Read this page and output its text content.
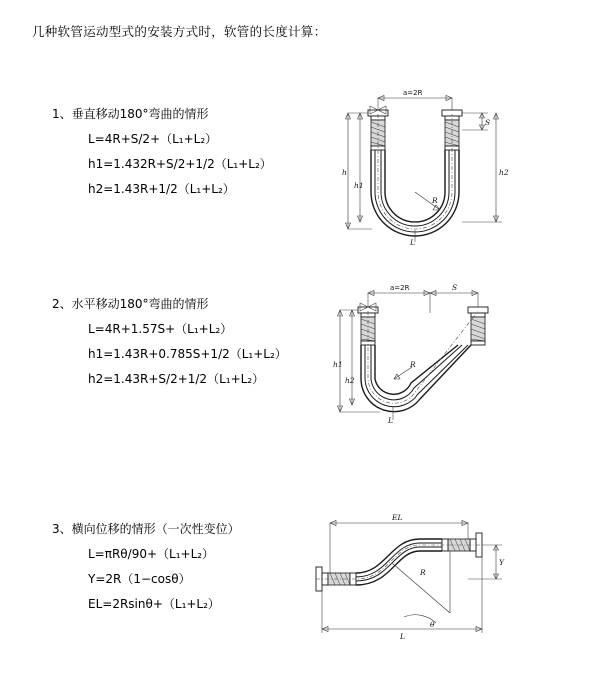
几种软管运动型式的安装方式时，软管的长度计算：
1、垂直移动180°弯曲的情形
L=4R+S/2+（L₁+L₂）
h1=1.432R+S/2+1/2（L₁+L₂）
h2=1.43R+1/2（L₁+L₂）
a=2R
R
L
h
h1
S
h2
2、水平移动180°弯曲的情形
L=4R+1.57S+（L₁+L₂）
h1=1.43R+0.785S+1/2（L₁+L₂）
h2=1.43R+S/2+1/2（L₁+L₂）
a=2R	S
R
L
h1
h2
3、横向位移的情形（一次性变位）
L=πRθ/90+（L₁+L₂）
Y=2R（1−cosθ）
EL=2Rsinθ+（L₁+L₂）
EL
R
θ
Y
L
